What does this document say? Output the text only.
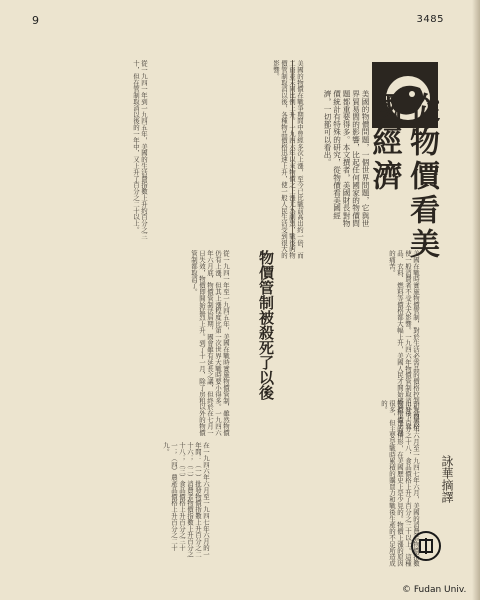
9	3485
從物價看美國經濟
詠華摘譯
美國的物價問題，一個世界問題，它與世界貿易間的影響，比起任何國家的物價問題都重要得多。本文撰者，美國財長對物價統計有特殊的研究，從物價看美國經濟，一切都可以看出。
美國的物價在戰爭期間中曾經多次上漲，至今已比戰前高出約一倍，而工資並未同比例上升。一九四六年以來物價之上漲尤為劇烈，戰後的物價管制取消以後，各種物品價格迅速上升，使一般人民生活受到很大的影響。
從一九四一年到一九四五年，美國的生活費指數上升約百分之三十，但在管制取消以後的一年中，又上升了百分之二十以上。
物價管制被殺死了以後
從一九四一年至一九四五年，美國在戰時實施物價管制，雖然物價仍有上漲，但其上漲程度比第一次世界大戰時要小得多。一九四六年六月底，物價管制法屆期，國會雖有延長之議，但終於在七月一日失效，物價即開始猛烈上升。到了十一月，除了房租以外的物價管制都取消了。	美國在戰時實施物價管制，對於生活必需品的價格控制相當嚴格，使一般消費者不受太大影響。一九四六年物價管制取消以後，食品、衣料、燃料等價格都大幅上升，美國人民才開始感到物價上漲的痛苦。
一九四六年六月至一九四七年六月，美國的消費者物價指數上升了百分之十八，食品價格上升了百分之三十以上。這種物價上漲的情形，在美國歷史上是少見的。物價上漲的原因很多，但主要是戰時累積的購買力和戰後生產的不足所造成的。
在一九四六年六月至一九四七年六月的一年間：（一）批發物價指數上升百分之二十六；（二）消費者物價指數上升百分之十八；（三）食品價格上升百分之三十一；（四）農產品價格上升百分之二十九。
© Fudan Univ.
